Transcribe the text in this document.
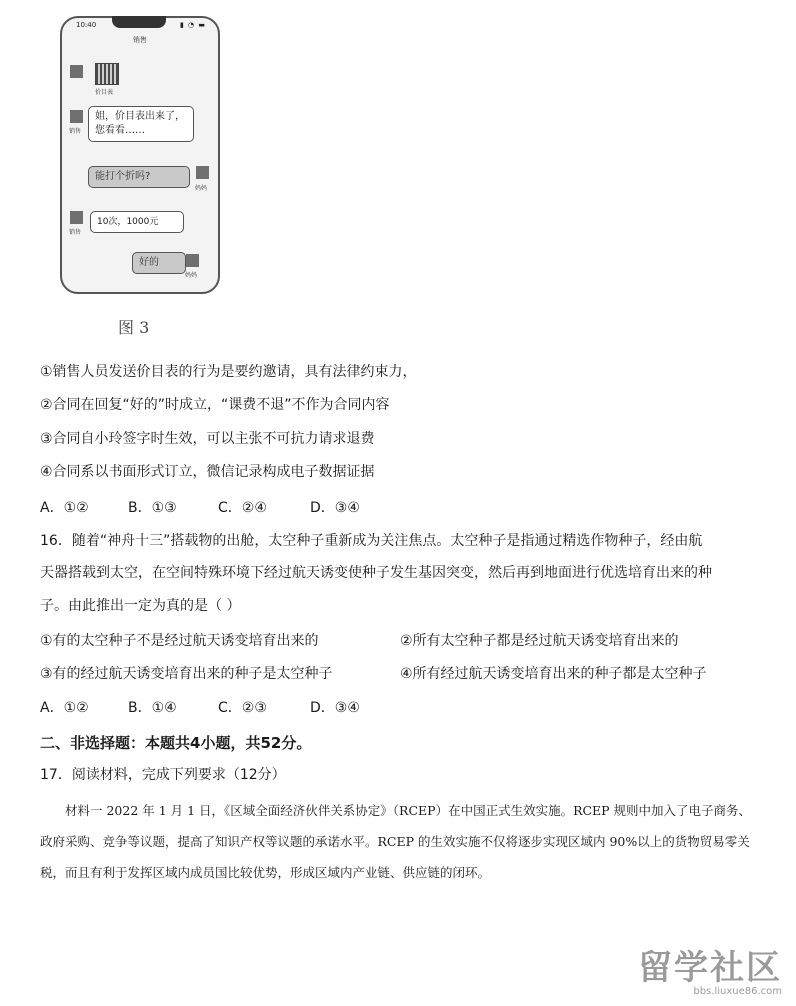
10:40	▮ ◔ ▬
销售
价目表
销售
姐，价目表出来了，您看看……
能打个折吗?
妈妈
销售
10次，1000元
好的
妈妈
图 3
①销售人员发送价目表的行为是要约邀请，具有法律约束力，
②合同在回复“好的”时成立，“课费不退”不作为合同内容
③合同自小玲签字时生效，可以主张不可抗力请求退费
④合同系以书面形式订立，微信记录构成电子数据证据
A．①②	B．①③	C．②④	D．③④
16．随着“神舟十三”搭载物的出舱，太空种子重新成为关注焦点。太空种子是指通过精选作物种子，经由航
天器搭载到太空，在空间特殊环境下经过航天诱变使种子发生基因突变，然后再到地面进行优选培育出来的种
子。由此推出一定为真的是（ ）
①有的太空种子不是经过航天诱变培育出来的	②所有太空种子都是经过航天诱变培育出来的
③有的经过航天诱变培育出来的种子是太空种子	④所有经过航天诱变培育出来的种子都是太空种子
A．①②	B．①④	C．②③	D．③④
二、非选择题：本题共4小题，共52分。
17．阅读材料，完成下列要求（12分）
材料一 2022 年 1 月 1 日，《区域全面经济伙伴关系协定》（RCEP）在中国正式生效实施。RCEP 规则中加入了电子商务、政府采购、竞争等议题，提高了知识产权等议题的承诺水平。RCEP 的生效实施不仅将逐步实现区域内 90%以上的货物贸易零关税，而且有利于发挥区域内成员国比较优势，形成区域内产业链、供应链的闭环。
留学社区
bbs.liuxue86.com
